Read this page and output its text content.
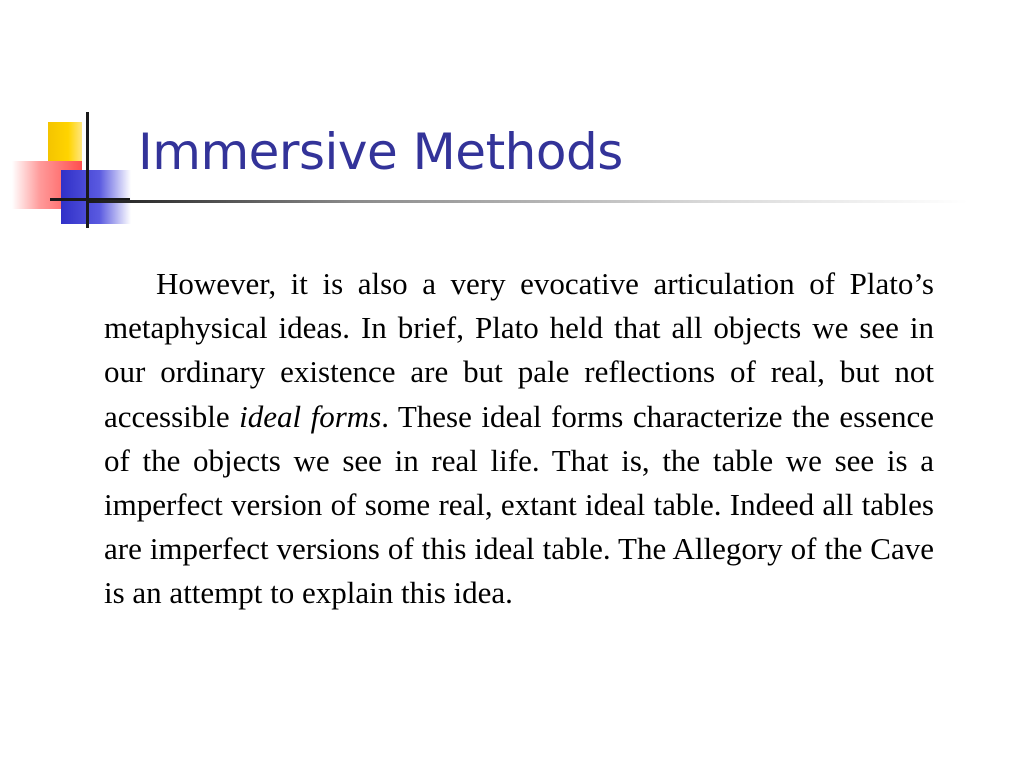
Immersive Methods

However, it is also a very evocative articulation of Plato’s metaphysical ideas. In brief, Plato held that all objects we see in our ordinary existence are but pale reflections of real, but not accessible ideal forms. These ideal forms characterize the essence of the objects we see in real life. That is, the table we see is a imperfect version of some real, extant ideal table. Indeed all tables are imperfect versions of this ideal table. The Allegory of the Cave is an attempt to explain this idea.
